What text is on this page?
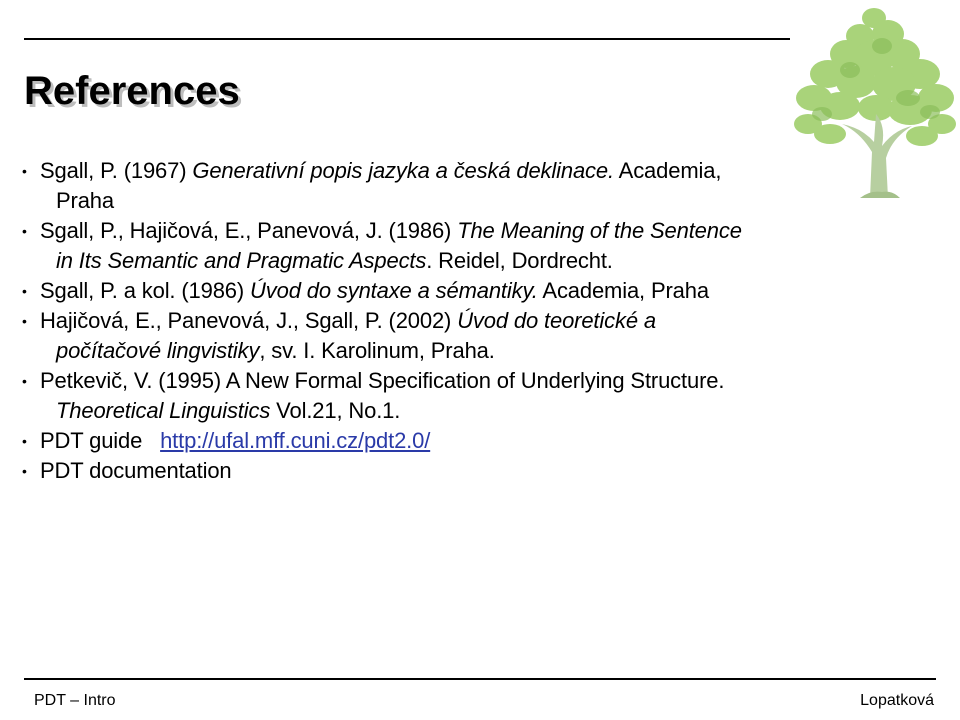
References
• Sgall, P. (1967) Generativní popis jazyka a česká deklinace. Academia,
Praha
• Sgall, P., Hajičová, E., Panevová, J. (1986) The Meaning of the Sentence
in Its Semantic and Pragmatic Aspects. Reidel, Dordrecht.
• Sgall, P. a kol. (1986) Úvod do syntaxe a sémantiky. Academia, Praha
• Hajičová, E., Panevová, J., Sgall, P. (2002) Úvod do teoretické a
počítačové lingvistiky, sv. I. Karolinum, Praha.
• Petkevič, V. (1995) A New Formal Specification of Underlying Structure.
Theoretical Linguistics Vol.21, No.1.
• PDT guide http://ufal.mff.cuni.cz/pdt2.0/
• PDT documentation
PDT – Intro	Lopatková
